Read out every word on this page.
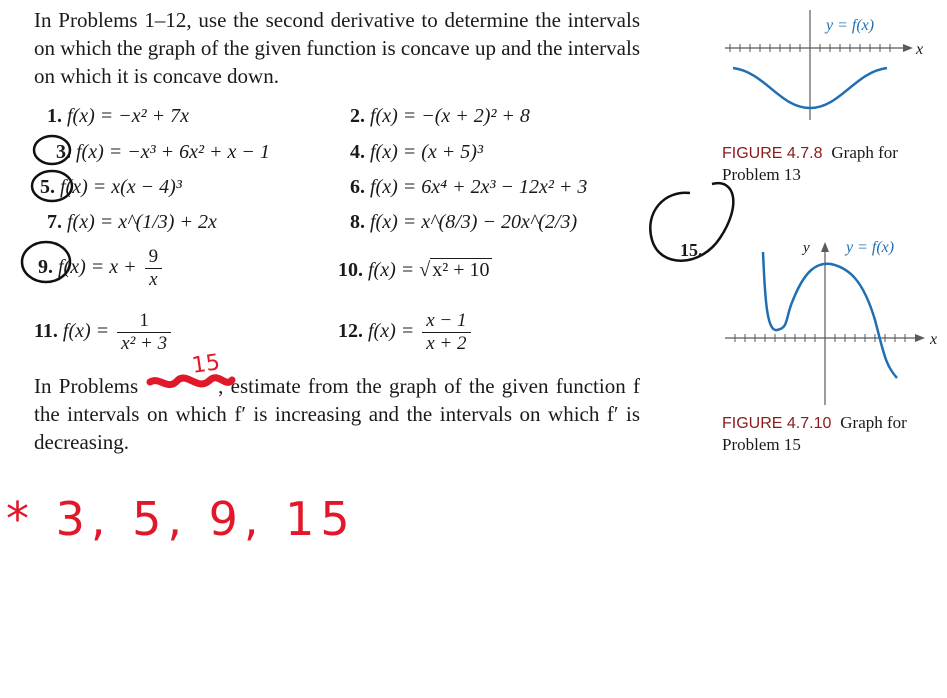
In Problems 1–12, use the second derivative to determine the intervals on which the graph of the given function is concave up and the intervals on which it is concave down.
1. f(x) = −x² + 7x	2. f(x) = −(x + 2)² + 8
3. f(x) = −x³ + 6x² + x − 1	4. f(x) = (x + 5)³
5. f(x) = x(x − 4)³	6. f(x) = 6x⁴ + 2x³ − 12x² + 3
7. f(x) = x^(1/3) + 2x	8. f(x) = x^(8/3) − 20x^(2/3)
9. $f(x) = x + \frac{9}{x}$	10. f(x) = √ x² + 10
11. $f(x) = \frac{1}{\text{x² + 3}}$	12. $f(x) = \frac{x - 1}{x + 2}$
In Problems	, estimate from the graph of the given function f the intervals on which f′ is increasing and the intervals on which f′ is decreasing.
15
y = f(x)
x
FIGURE 4.7.8 Graph for Problem 13
15.	y y = f(x)
x
FIGURE 4.7.10 Graph for Problem 15
* 3, 5, 9, 15
